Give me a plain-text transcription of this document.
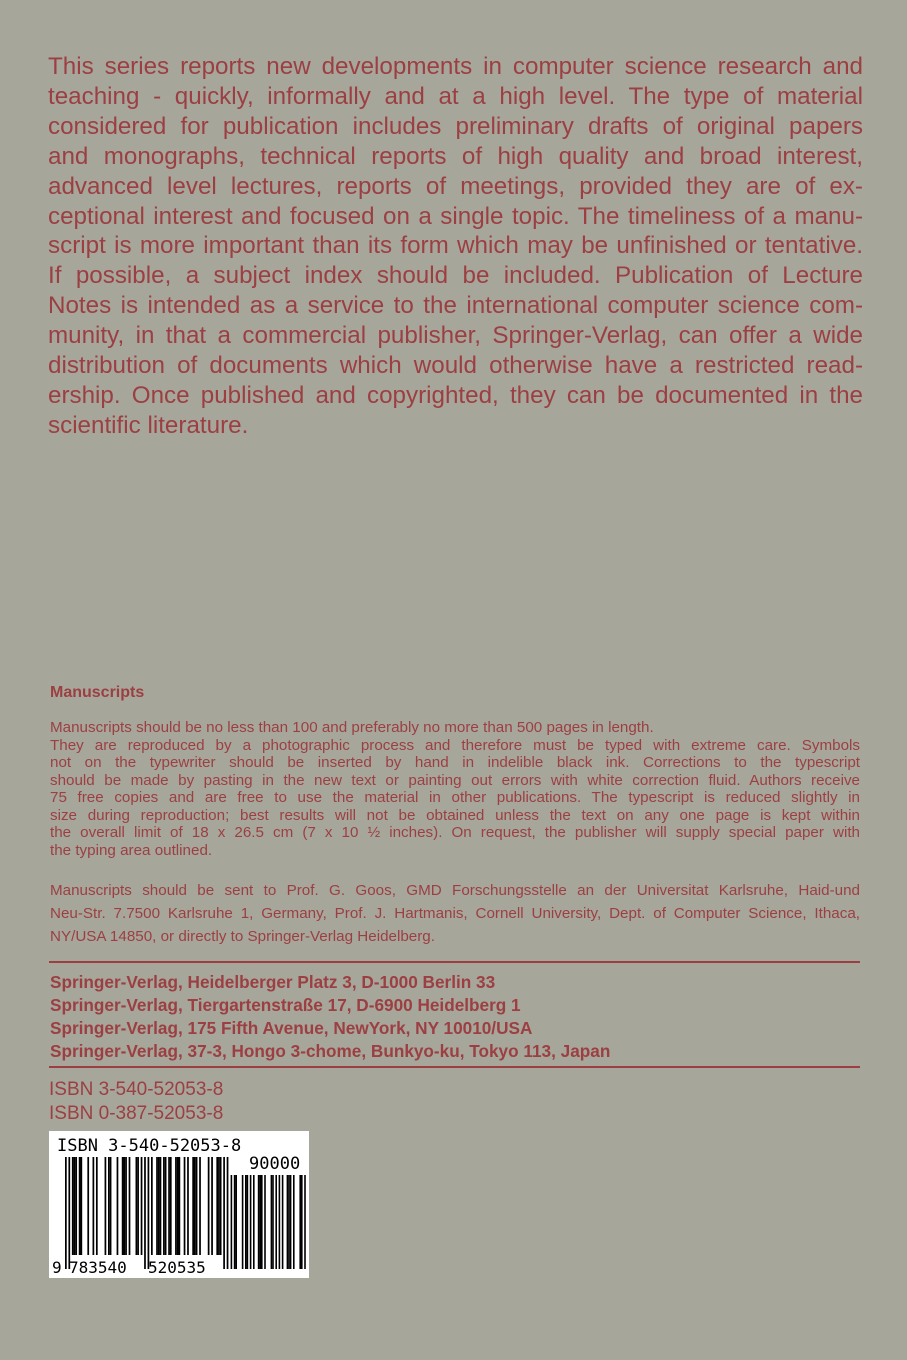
This series reports new developments in computer science research and
teaching - quickly, informally and at a high level. The type of material
considered for publication includes preliminary drafts of original papers
and monographs, technical reports of high quality and broad interest,
advanced level lectures, reports of meetings, provided they are of ex-
ceptional interest and focused on a single topic. The timeliness of a manu-
script is more important than its form which may be unfinished or tentative.
If possible, a subject index should be included. Publication of Lecture
Notes is intended as a service to the international computer science com-
munity, in that a commercial publisher, Springer-Verlag, can offer a wide
distribution of documents which would otherwise have a restricted read-
ership. Once published and copyrighted, they can be documented in the
scientific literature.
Manuscripts
Manuscripts should be no less than 100 and preferably no more than 500 pages in length.
They are reproduced by a photographic process and therefore must be typed with extreme care. Symbols
not on the typewriter should be inserted by hand in indelible black ink. Corrections to the typescript
should be made by pasting in the new text or painting out errors with white correction fluid. Authors receive
75 free copies and are free to use the material in other publications. The typescript is reduced slightly in
size during reproduction; best results will not be obtained unless the text on any one page is kept within
the overall limit of 18 x 26.5 cm (7 x 10 ½ inches). On request, the publisher will supply special paper with
the typing area outlined.
Manuscripts should be sent to Prof. G. Goos, GMD Forschungsstelle an der Universitat Karlsruhe, Haid-und
Neu-Str. 7.7500 Karlsruhe 1, Germany, Prof. J. Hartmanis, Cornell University, Dept. of Computer Science, Ithaca,
NY/USA 14850, or directly to Springer-Verlag Heidelberg.
Springer-Verlag, Heidelberger Platz 3, D-1000 Berlin 33
Springer-Verlag, Tiergartenstraße 17, D-6900 Heidelberg 1
Springer-Verlag, 175 Fifth Avenue, NewYork, NY 10010/USA
Springer-Verlag, 37-3, Hongo 3-chome, Bunkyo-ku, Tokyo 113, Japan
ISBN 3-540-52053-8
ISBN 0-387-52053-8
ISBN 3-540-52053-8
90000
9 783540 520535
